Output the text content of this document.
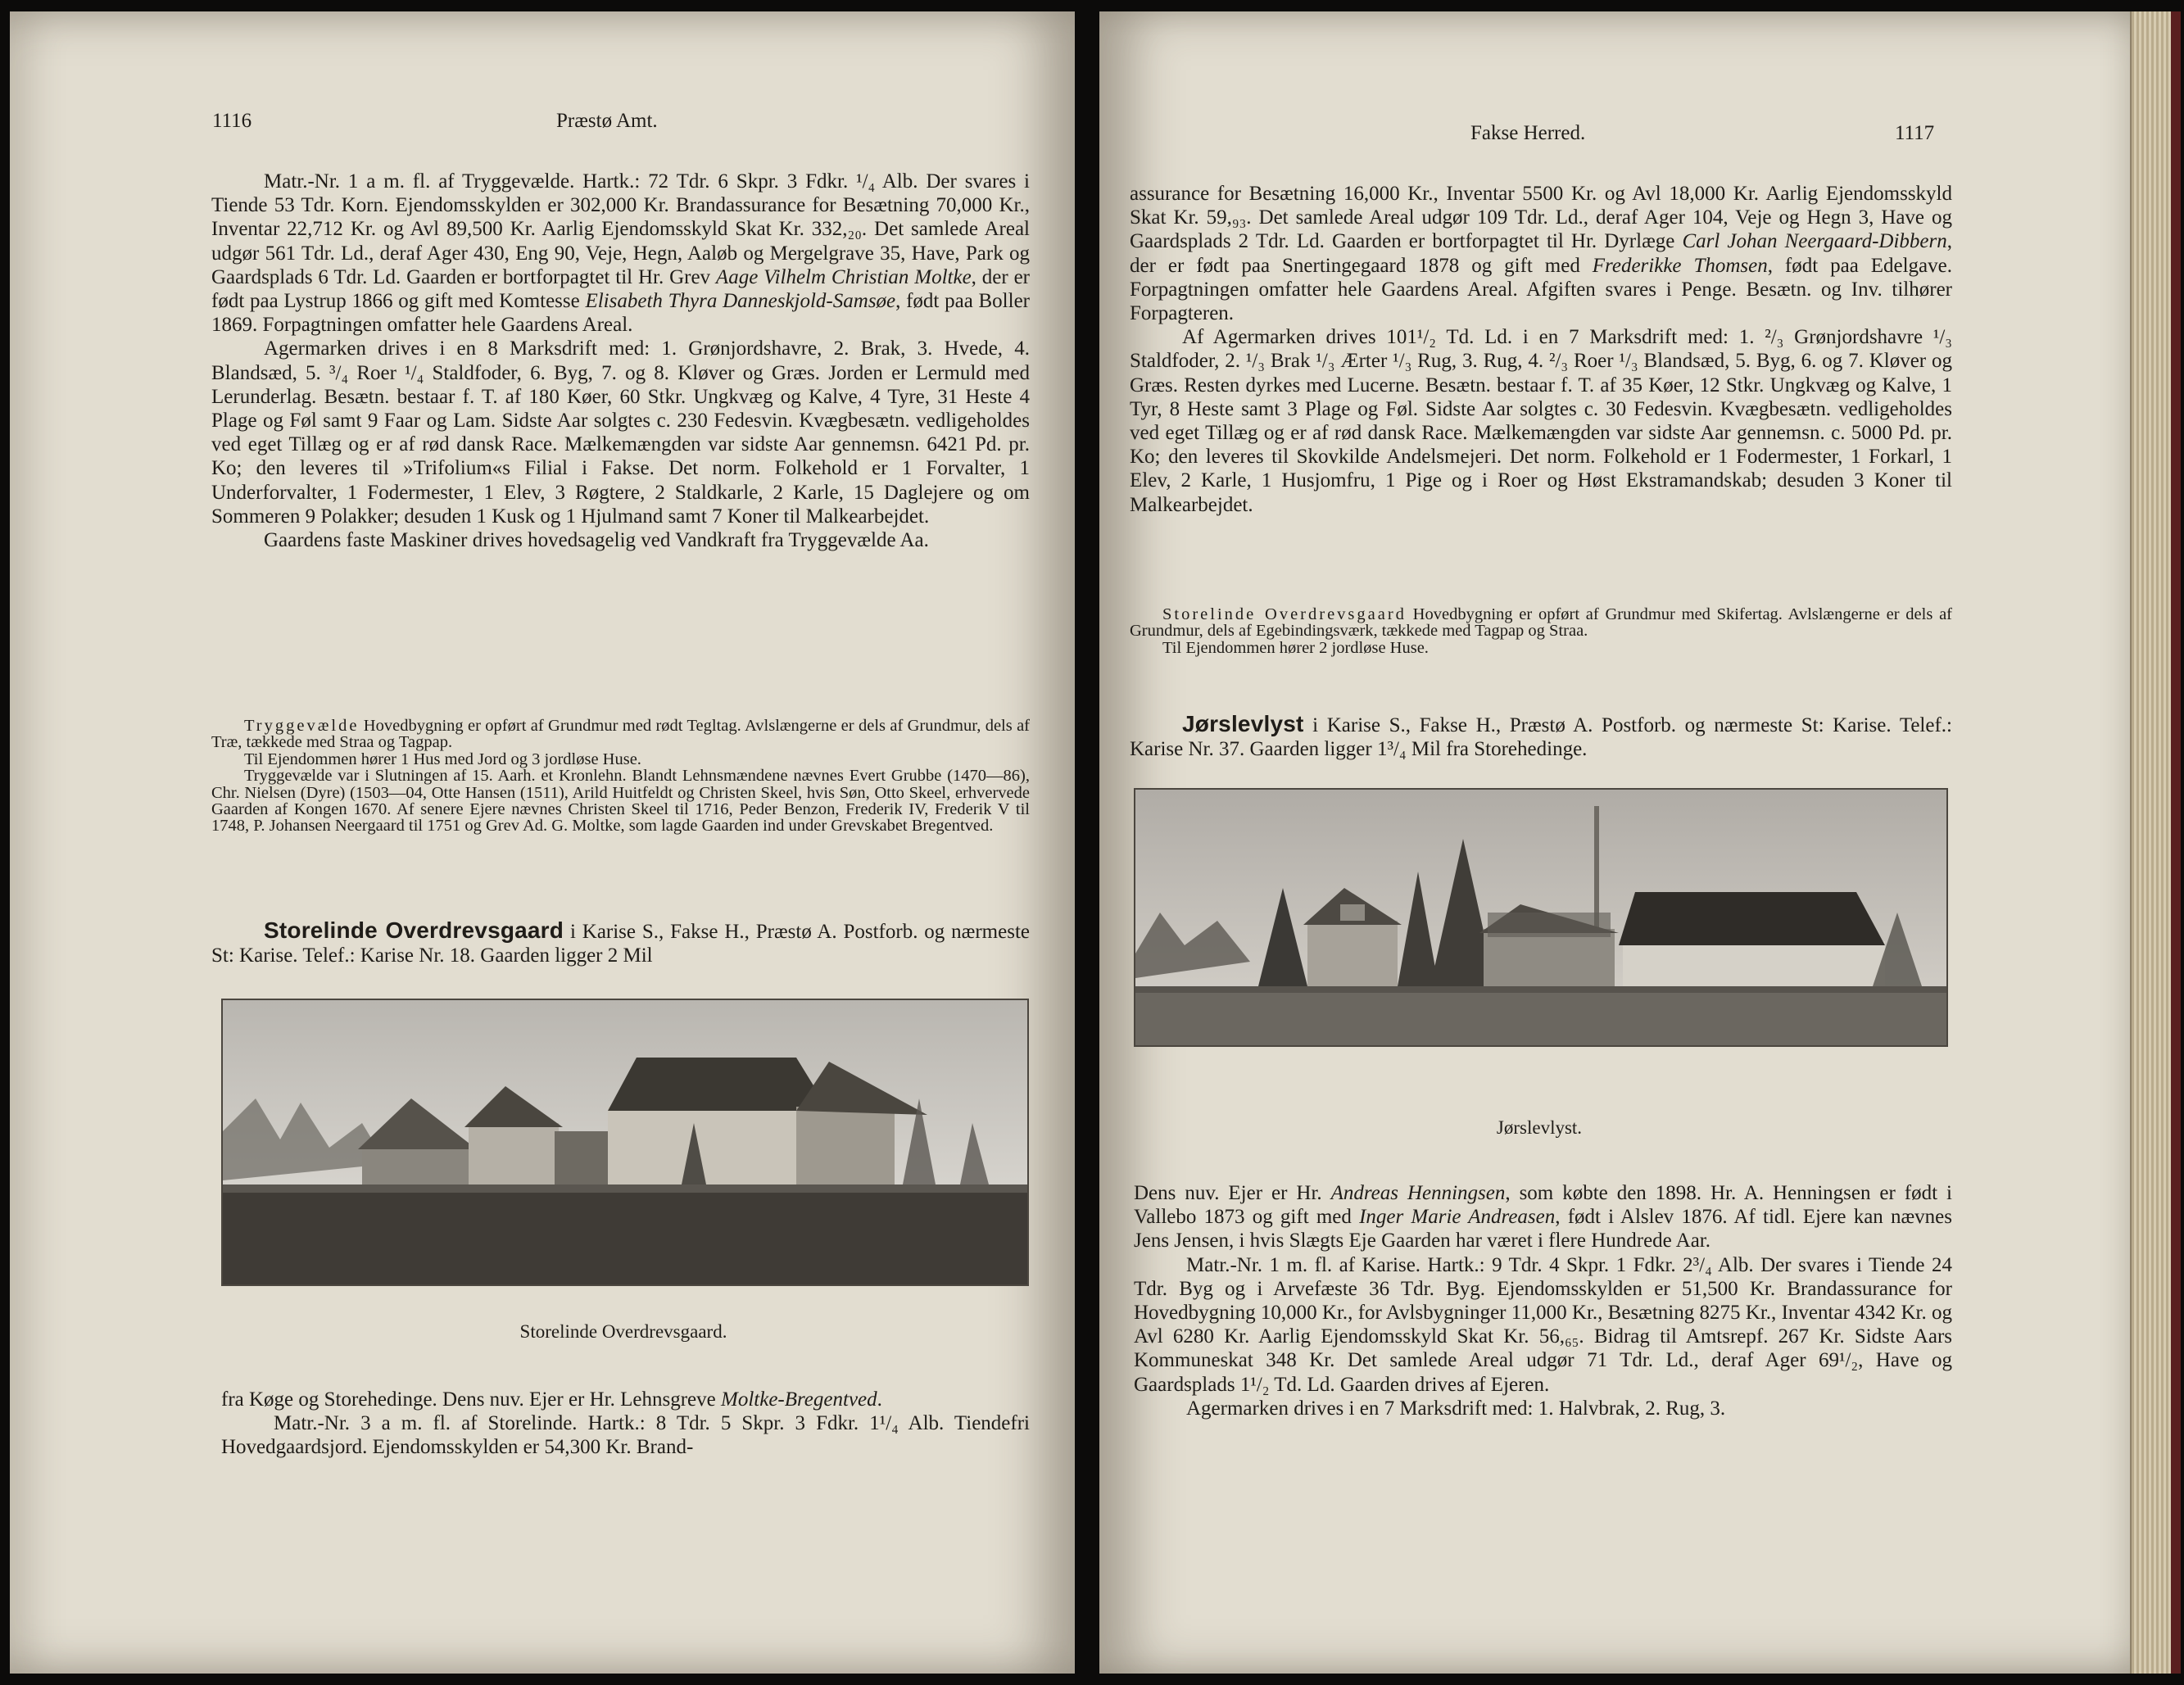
1116	Præstø Amt.

Matr.-Nr. 1 a m. fl. af Tryggevælde. Hartk.: 72 Tdr. 6 Skpr. 3 Fdkr. ¹/₄ Alb. Der svares i Tiende 53 Tdr. Korn. Ejendomsskylden er 302,000 Kr. Brandassurance for Besætning 70,000 Kr., Inventar 22,712 Kr. og Avl 89,500 Kr. Aarlig Ejendomsskyld Skat Kr. 332,₂₀. Det samlede Areal udgør 561 Tdr. Ld., deraf Ager 430, Eng 90, Veje, Hegn, Aaløb og Mergelgrave 35, Have, Park og Gaardsplads 6 Tdr. Ld. Gaarden er bortforpagtet til Hr. Grev Aage Vilhelm Christian Moltke, der er født paa Lystrup 1866 og gift med Komtesse Elisabeth Thyra Danneskjold-Samsøe, født paa Boller 1869. Forpagtningen omfatter hele Gaardens Areal.

Agermarken drives i en 8 Marksdrift med: 1. Grønjordshavre, 2. Brak, 3. Hvede, 4. Blandsæd, 5. ³/₄ Roer ¹/₄ Staldfoder, 6. Byg, 7. og 8. Kløver og Græs. Jorden er Lermuld med Lerunderlag. Besætn. bestaar f. T. af 180 Køer, 60 Stkr. Ungkvæg og Kalve, 4 Tyre, 31 Heste 4 Plage og Føl samt 9 Faar og Lam. Sidste Aar solgtes c. 230 Fedesvin. Kvægbesætn. vedligeholdes ved eget Tillæg og er af rød dansk Race. Mælkemængden var sidste Aar gennemsn. 6421 Pd. pr. Ko; den leveres til »Trifolium«s Filial i Fakse. Det norm. Folkehold er 1 Forvalter, 1 Underforvalter, 1 Fodermester, 1 Elev, 3 Røgtere, 2 Staldkarle, 2 Karle, 15 Daglejere og om Sommeren 9 Polakker; desuden 1 Kusk og 1 Hjulmand samt 7 Koner til Malkearbejdet.

Gaardens faste Maskiner drives hovedsagelig ved Vandkraft fra Tryggevælde Aa.

Tryggevælde Hovedbygning er opført af Grundmur med rødt Tegltag. Avlslængerne er dels af Grundmur, dels af Træ, tækkede med Straa og Tagpap.

Til Ejendommen hører 1 Hus med Jord og 3 jordløse Huse.

Tryggevælde var i Slutningen af 15. Aarh. et Kronlehn. Blandt Lehnsmændene nævnes Evert Grubbe (1470—86), Chr. Nielsen (Dyre) (1503—04, Otte Hansen (1511), Arild Huitfeldt og Christen Skeel, hvis Søn, Otto Skeel, erhvervede Gaarden af Kongen 1670. Af senere Ejere nævnes Christen Skeel til 1716, Peder Benzon, Frederik IV, Frederik V til 1748, P. Johansen Neergaard til 1751 og Grev Ad. G. Moltke, som lagde Gaarden ind under Grevskabet Bregentved.

Storelinde Overdrevsgaard i Karise S., Fakse H., Præstø A. Postforb. og nærmeste St: Karise. Telef.: Karise Nr. 18. Gaarden ligger 2 Mil

Storelinde Overdrevsgaard.

fra Køge og Storehedinge. Dens nuv. Ejer er Hr. Lehnsgreve Moltke-Bregentved.

Matr.-Nr. 3 a m. fl. af Storelinde. Hartk.: 8 Tdr. 5 Skpr. 3 Fdkr. 1¹/₄ Alb. Tiendefri Hovedgaardsjord. Ejendomsskylden er 54,300 Kr. Brand-

Fakse Herred.	1117

assurance for Besætning 16,000 Kr., Inventar 5500 Kr. og Avl 18,000 Kr. Aarlig Ejendomsskyld Skat Kr. 59,₉₃. Det samlede Areal udgør 109 Tdr. Ld., deraf Ager 104, Veje og Hegn 3, Have og Gaardsplads 2 Tdr. Ld. Gaarden er bortforpagtet til Hr. Dyrlæge Carl Johan Neergaard-Dibbern, der er født paa Snertingegaard 1878 og gift med Frederikke Thomsen, født paa Edelgave. Forpagtningen omfatter hele Gaardens Areal. Afgiften svares i Penge. Besætn. og Inv. tilhører Forpagteren.

Af Agermarken drives 101¹/₂ Td. Ld. i en 7 Marksdrift med: 1. ²/₃ Grønjordshavre ¹/₃ Staldfoder, 2. ¹/₃ Brak ¹/₃ Ærter ¹/₃ Rug, 3. Rug, 4. ²/₃ Roer ¹/₃ Blandsæd, 5. Byg, 6. og 7. Kløver og Græs. Resten dyrkes med Lucerne. Besætn. bestaar f. T. af 35 Køer, 12 Stkr. Ungkvæg og Kalve, 1 Tyr, 8 Heste samt 3 Plage og Føl. Sidste Aar solgtes c. 30 Fedesvin. Kvægbesætn. vedligeholdes ved eget Tillæg og er af rød dansk Race. Mælkemængden var sidste Aar gennemsn. c. 5000 Pd. pr. Ko; den leveres til Skovkilde Andelsmejeri. Det norm. Folkehold er 1 Fodermester, 1 Forkarl, 1 Elev, 2 Karle, 1 Husjomfru, 1 Pige og i Roer og Høst Ekstramandskab; desuden 3 Koner til Malkearbejdet.

Storelinde Overdrevsgaard Hovedbygning er opført af Grundmur med Skifertag. Avlslængerne er dels af Grundmur, dels af Egebindingsværk, tækkede med Tagpap og Straa.

Til Ejendommen hører 2 jordløse Huse.

Jørslevlyst i Karise S., Fakse H., Præstø A. Postforb. og nærmeste St: Karise. Telef.: Karise Nr. 37. Gaarden ligger 1³/₄ Mil fra Storehedinge.

Jørslevlyst.

Dens nuv. Ejer er Hr. Andreas Henningsen, som købte den 1898. Hr. A. Henningsen er født i Vallebo 1873 og gift med Inger Marie Andreasen, født i Alslev 1876. Af tidl. Ejere kan nævnes Jens Jensen, i hvis Slægts Eje Gaarden har været i flere Hundrede Aar.

Matr.-Nr. 1 m. fl. af Karise. Hartk.: 9 Tdr. 4 Skpr. 1 Fdkr. 2³/₄ Alb. Der svares i Tiende 24 Tdr. Byg og i Arvefæste 36 Tdr. Byg. Ejendomsskylden er 51,500 Kr. Brandassurance for Hovedbygning 10,000 Kr., for Avlsbygninger 11,000 Kr., Besætning 8275 Kr., Inventar 4342 Kr. og Avl 6280 Kr. Aarlig Ejendomsskyld Skat Kr. 56,₆₅. Bidrag til Amtsrepf. 267 Kr. Sidste Aars Kommuneskat 348 Kr. Det samlede Areal udgør 71 Tdr. Ld., deraf Ager 69¹/₂, Have og Gaardsplads 1¹/₂ Td. Ld. Gaarden drives af Ejeren.

Agermarken drives i en 7 Marksdrift med: 1. Halvbrak, 2. Rug, 3.
